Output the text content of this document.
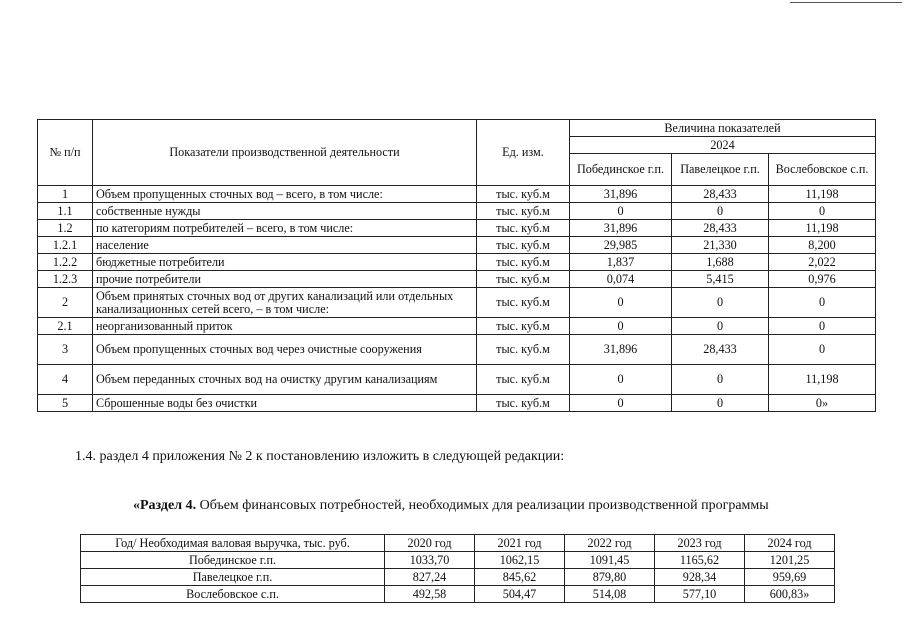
№ п/п	Показатели производственной деятельности	Ед. изм.	Величина показателей		
			2024		
			Побединское г.п.	Павелецкое г.п.	Вослебовское с.п.
1	Объем пропущенных сточных вод – всего, в том числе:	тыс. куб.м	31,896	28,433	11,198
1.1	собственные нужды	тыс. куб.м	0	0	0
1.2	по категориям потребителей – всего, в том числе:	тыс. куб.м	31,896	28,433	11,198
1.2.1	население	тыс. куб.м	29,985	21,330	8,200
1.2.2	бюджетные потребители	тыс. куб.м	1,837	1,688	2,022
1.2.3	прочие потребители	тыс. куб.м	0,074	5,415	0,976
2	Объем принятых сточных вод от других канализаций или отдельных канализационных сетей всего, – в том числе:	тыс. куб.м	0	0	0
2.1	неорганизованный приток	тыс. куб.м	0	0	0
3	Объем пропущенных сточных вод через очистные сооружения	тыс. куб.м	31,896	28,433	0
4	Объем переданных сточных вод на очистку другим канализациям	тыс. куб.м	0	0	11,198
5	Сброшенные воды без очистки	тыс. куб.м	0	0	0»
1.4. раздел 4 приложения № 2 к постановлению изложить в следующей редакции:
«Раздел 4. Объем финансовых потребностей, необходимых для реализации производственной программы
Год/ Необходимая валовая выручка, тыс. руб.	2020 год	2021 год	2022 год	2023 год	2024 год
Побединское г.п.	1033,70	1062,15	1091,45	1165,62	1201,25
Павелецкое г.п.	827,24	845,62	879,80	928,34	959,69
Вослебовское с.п.	492,58	504,47	514,08	577,10	600,83»
